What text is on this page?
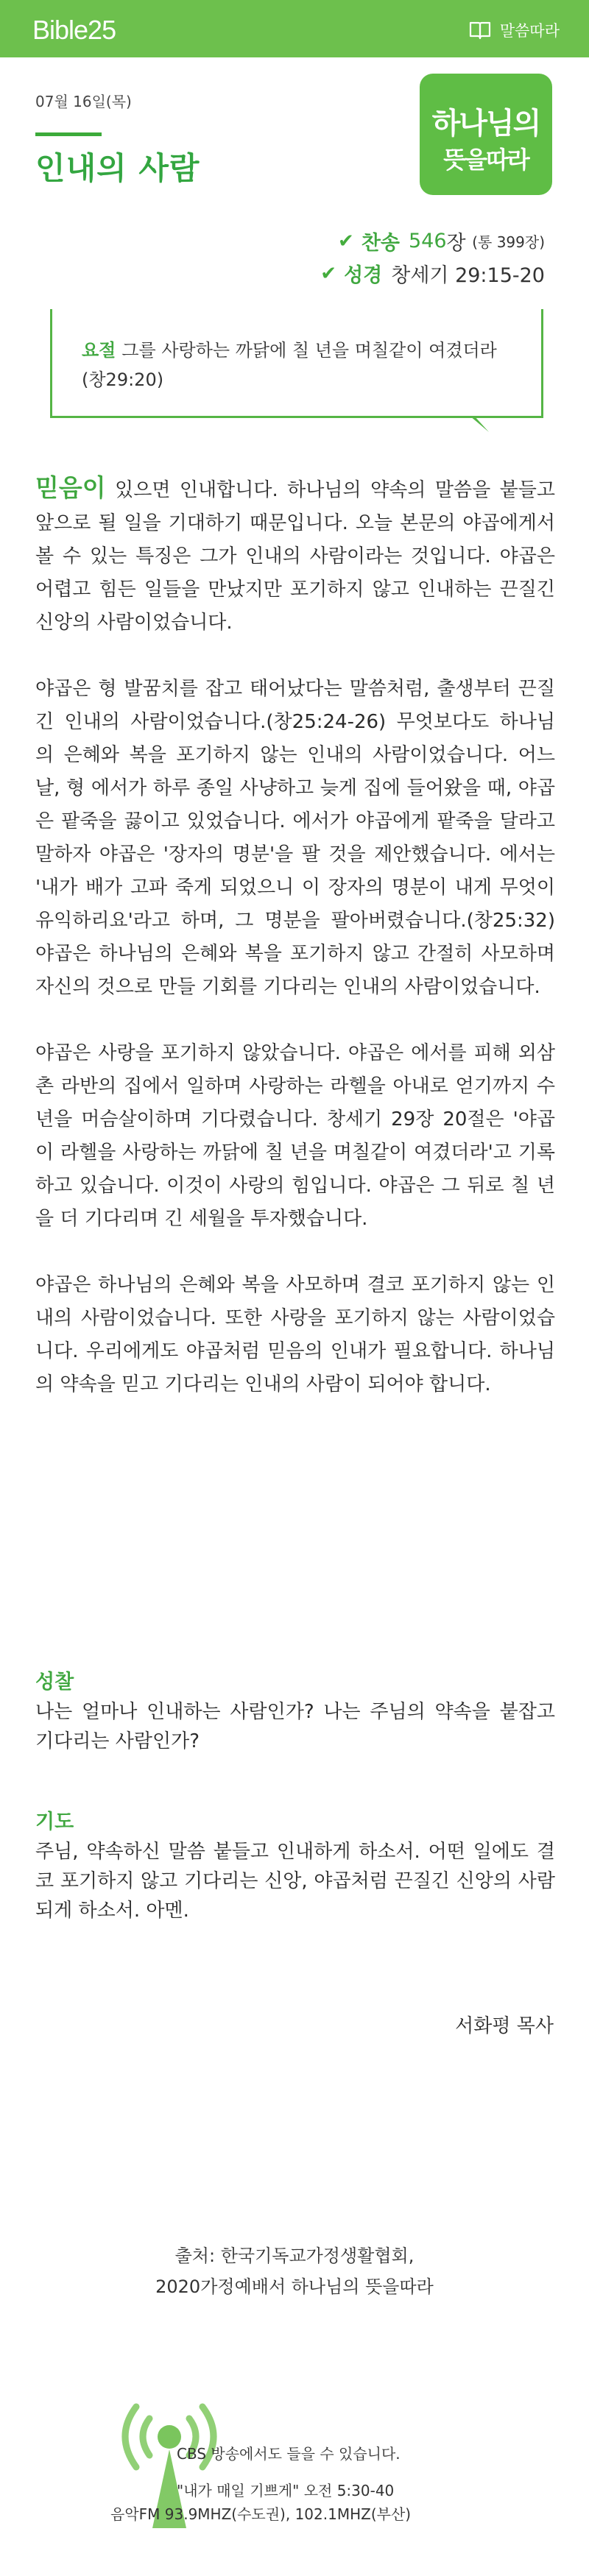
Bible25	말씀따라
07월 16일(목)
인내의 사람
하나님의
뜻을따라
✔ 찬송 546 장
(통 399장)
✔ 성경 창세기 29:15-20
요절 그를 사랑하는 까닭에 칠 년을 며칠같이 여겼더라(창29:20)

믿음이 있으면 인내합니다. 하나님의 약속의 말씀을 붙들고 앞으로 될 일을 기대하기 때문입니다. 오늘 본문의 야곱에게서 볼 수 있는 특징은 그가 인내의 사람이라는 것입니다. 야곱은 어렵고 힘든 일들을 만났지만 포기하지 않고 인내하는 끈질긴 신앙의 사람이었습니다.

야곱은 형 발꿈치를 잡고 태어났다는 말씀처럼, 출생부터 끈질긴 인내의 사람이었습니다.(창25:24-26) 무엇보다도 하나님의 은혜와 복을 포기하지 않는 인내의 사람이었습니다. 어느 날, 형 에서가 하루 종일 사냥하고 늦게 집에 들어왔을 때, 야곱은 팥죽을 끓이고 있었습니다. 에서가 야곱에게 팥죽을 달라고 말하자 야곱은 '장자의 명분'을 팔 것을 제안했습니다. 에서는 '내가 배가 고파 죽게 되었으니 이 장자의 명분이 내게 무엇이 유익하리요'라고 하며, 그 명분을 팔아버렸습니다.(창25:32) 야곱은 하나님의 은혜와 복을 포기하지 않고 간절히 사모하며 자신의 것으로 만들 기회를 기다리는 인내의 사람이었습니다.

야곱은 사랑을 포기하지 않았습니다. 야곱은 에서를 피해 외삼촌 라반의 집에서 일하며 사랑하는 라헬을 아내로 얻기까지 수 년을 머슴살이하며 기다렸습니다. 창세기 29장 20절은 '야곱이 라헬을 사랑하는 까닭에 칠 년을 며칠같이 여겼더라'고 기록하고 있습니다. 이것이 사랑의 힘입니다. 야곱은 그 뒤로 칠 년을 더 기다리며 긴 세월을 투자했습니다.

야곱은 하나님의 은혜와 복을 사모하며 결코 포기하지 않는 인내의 사람이었습니다. 또한 사랑을 포기하지 않는 사람이었습니다. 우리에게도 야곱처럼 믿음의 인내가 필요합니다. 하나님의 약속을 믿고 기다리는 인내의 사람이 되어야 합니다.

성찰
나는 얼마나 인내하는 사람인가? 나는 주님의 약속을 붙잡고 기다리는 사람인가?
기도
주님, 약속하신 말씀 붙들고 인내하게 하소서. 어떤 일에도 결코 포기하지 않고 기다리는 신앙, 야곱처럼 끈질긴 신앙의 사람 되게 하소서. 아멘.
서화평 목사
출처: 한국기독교가정생활협회,
2020가정예배서 하나님의 뜻을따라
CBS 방송에서도 들을 수 있습니다.
"내가 매일 기쁘게" 오전 5:30-40
음악FM 93.9MHZ(수도권), 102.1MHZ(부산)
